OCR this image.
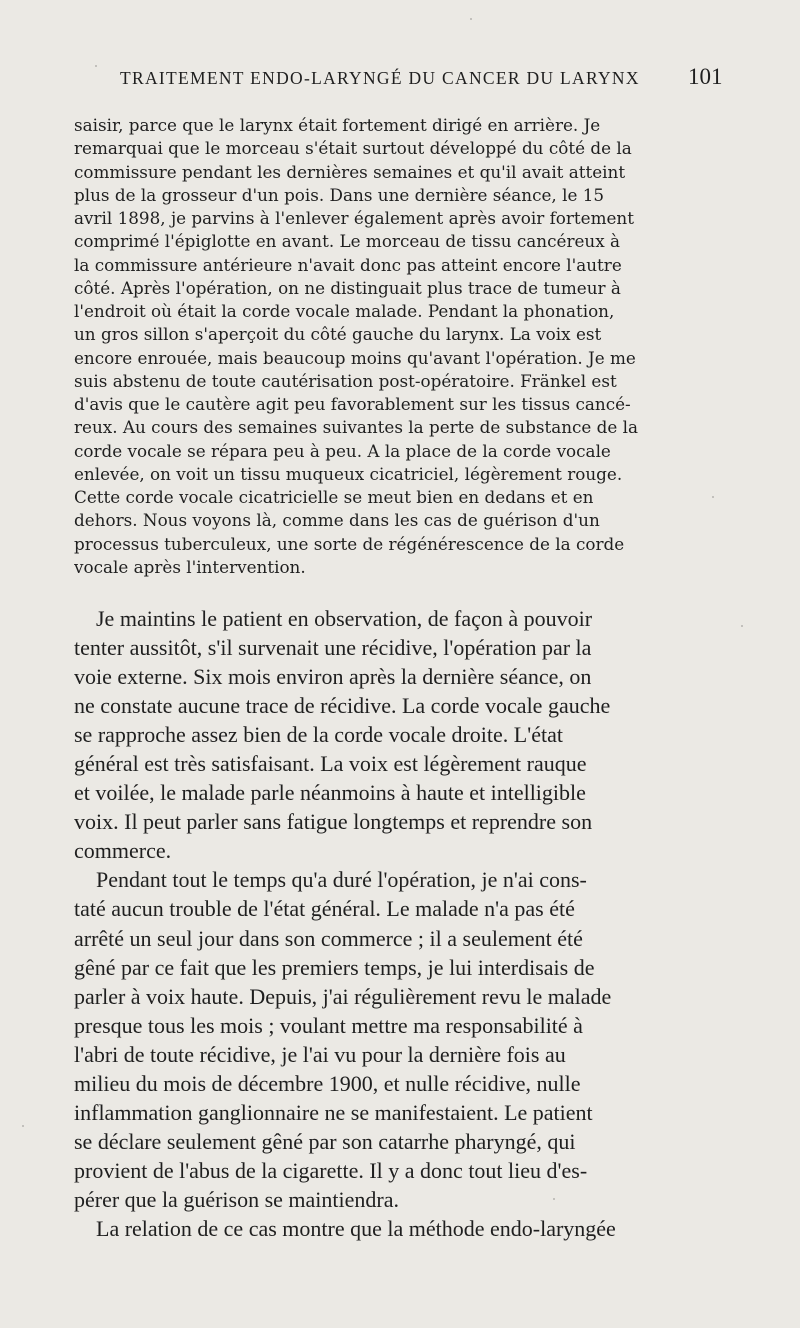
TRAITEMENT ENDO-LARYNGÉ DU CANCER DU LARYNX 101

saisir, parce que le larynx était fortement dirigé en arrière. Je
remarquai que le morceau s'était surtout développé du côté de la
commissure pendant les dernières semaines et qu'il avait atteint
plus de la grosseur d'un pois. Dans une dernière séance, le 15
avril 1898, je parvins à l'enlever également après avoir fortement
comprimé l'épiglotte en avant. Le morceau de tissu cancéreux à
la commissure antérieure n'avait donc pas atteint encore l'autre
côté. Après l'opération, on ne distinguait plus trace de tumeur à
l'endroit où était la corde vocale malade. Pendant la phonation,
un gros sillon s'aperçoit du côté gauche du larynx. La voix est
encore enrouée, mais beaucoup moins qu'avant l'opération. Je me
suis abstenu de toute cautérisation post-opératoire. Fränkel est
d'avis que le cautère agit peu favorablement sur les tissus cancé-
reux. Au cours des semaines suivantes la perte de substance de la
corde vocale se répara peu à peu. A la place de la corde vocale
enlevée, on voit un tissu muqueux cicatriciel, légèrement rouge.
Cette corde vocale cicatricielle se meut bien en dedans et en
dehors. Nous voyons là, comme dans les cas de guérison d'un
processus tuberculeux, une sorte de régénérescence de la corde
vocale après l'intervention.

Je maintins le patient en observation, de façon à pouvoir
tenter aussitôt, s'il survenait une récidive, l'opération par la
voie externe. Six mois environ après la dernière séance, on
ne constate aucune trace de récidive. La corde vocale gauche
se rapproche assez bien de la corde vocale droite. L'état
général est très satisfaisant. La voix est légèrement rauque
et voilée, le malade parle néanmoins à haute et intelligible
voix. Il peut parler sans fatigue longtemps et reprendre son
commerce.

Pendant tout le temps qu'a duré l'opération, je n'ai cons-
taté aucun trouble de l'état général. Le malade n'a pas été
arrêté un seul jour dans son commerce ; il a seulement été
gêné par ce fait que les premiers temps, je lui interdisais de
parler à voix haute. Depuis, j'ai régulièrement revu le malade
presque tous les mois ; voulant mettre ma responsabilité à
l'abri de toute récidive, je l'ai vu pour la dernière fois au
milieu du mois de décembre 1900, et nulle récidive, nulle
inflammation ganglionnaire ne se manifestaient. Le patient
se déclare seulement gêné par son catarrhe pharyngé, qui
provient de l'abus de la cigarette. Il y a donc tout lieu d'es-
pérer que la guérison se maintiendra.

La relation de ce cas montre que la méthode endo-laryngée
